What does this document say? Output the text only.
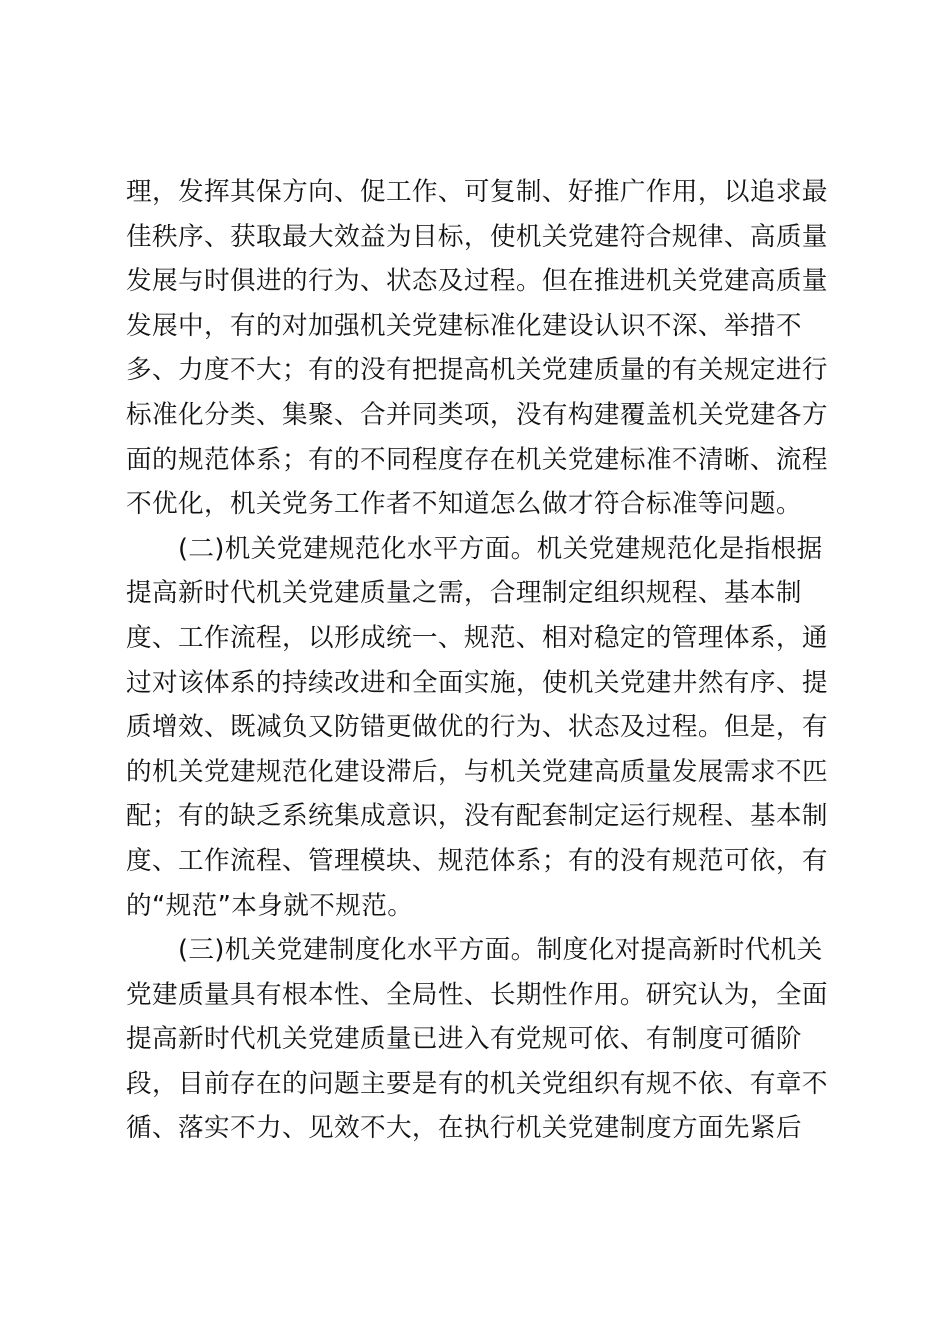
理，发挥其保方向、促工作、可复制、好推广作用，以追求最
佳秩序、获取最大效益为目标，使机关党建符合规律、高质量
发展与时俱进的行为、状态及过程。但在推进机关党建高质量
发展中，有的对加强机关党建标准化建设认识不深、举措不
多、力度不大；有的没有把提高机关党建质量的有关规定进行
标准化分类、集聚、合并同类项，没有构建覆盖机关党建各方
面的规范体系；有的不同程度存在机关党建标准不清晰、流程
不优化，机关党务工作者不知道怎么做才符合标准等问题。
　　(二)机关党建规范化水平方面。机关党建规范化是指根据
提高新时代机关党建质量之需，合理制定组织规程、基本制
度、工作流程，以形成统一、规范、相对稳定的管理体系，通
过对该体系的持续改进和全面实施，使机关党建井然有序、提
质增效、既减负又防错更做优的行为、状态及过程。但是，有
的机关党建规范化建设滞后，与机关党建高质量发展需求不匹
配；有的缺乏系统集成意识，没有配套制定运行规程、基本制
度、工作流程、管理模块、规范体系；有的没有规范可依，有
的“规范”本身就不规范。
　　(三)机关党建制度化水平方面。制度化对提高新时代机关
党建质量具有根本性、全局性、长期性作用。研究认为，全面
提高新时代机关党建质量已进入有党规可依、有制度可循阶
段，目前存在的问题主要是有的机关党组织有规不依、有章不
循、落实不力、见效不大，在执行机关党建制度方面先紧后
